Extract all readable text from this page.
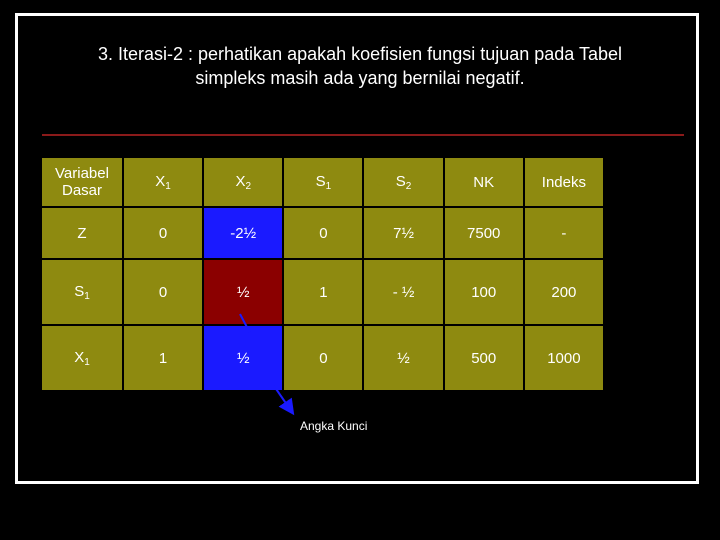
3. Iterasi-2 : perhatikan apakah koefisien fungsi tujuan pada Tabel
simpleks masih ada yang bernilai negatif.
Variabel
Dasar	$X_1$	$X_2$	$S_1$	$S_2$	NK	Indeks
Z	0	-2½	0	7½	7500	-
$S_1$	0	½	1	- ½	100	200
$X_1$	1	½	0	½	500	1000
Angka Kunci
